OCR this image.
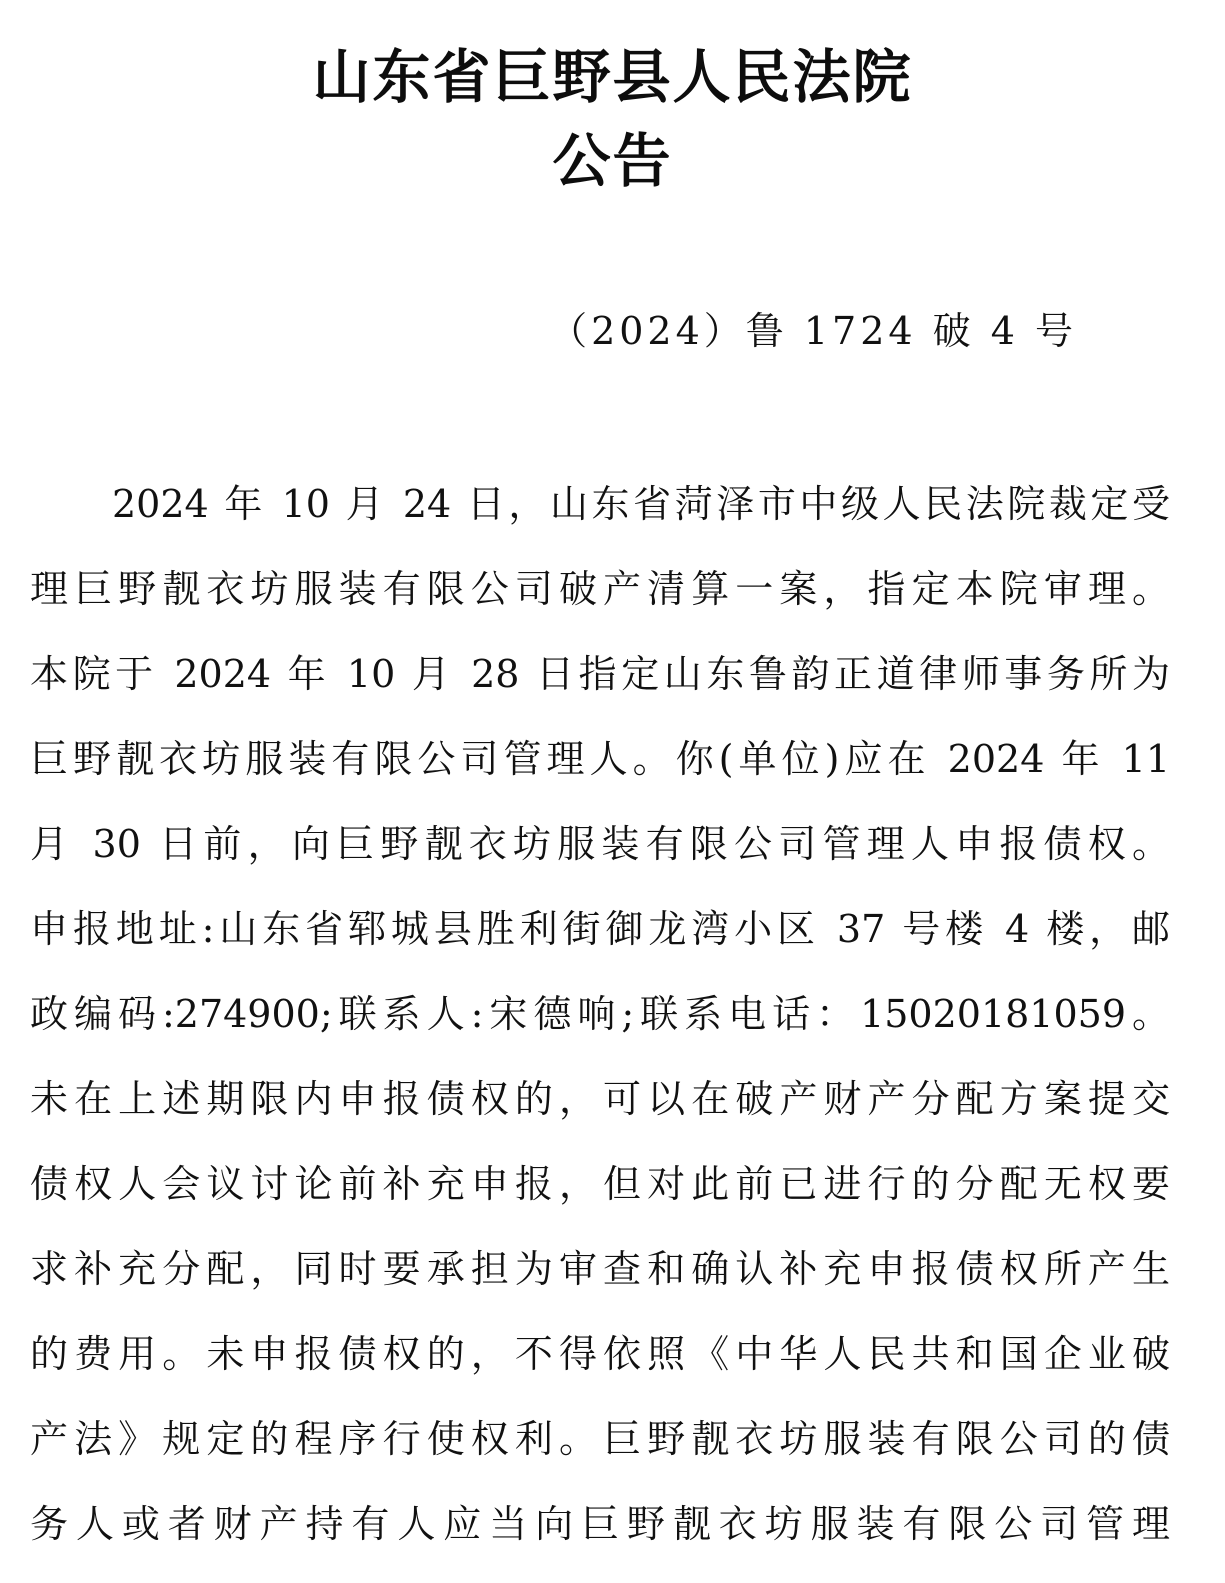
山东省巨野县人民法院
公告
（2024）鲁 1724 破 4 号
2024 年 10 月 24 日，山东省菏泽市中级人民法院裁定受
理巨野靓衣坊服装有限公司破产清算一案，指定本院审理。
本院于 2024 年 10 月 28 日指定山东鲁韵正道律师事务所为
巨野靓衣坊服装有限公司管理人。你(单位)应在 2024 年 11
月 30 日前，向巨野靓衣坊服装有限公司管理人申报债权。
申报地址:山东省郓城县胜利街御龙湾小区 37 号楼 4 楼，邮
政编码:274900;联系人:宋德响;联系电话：15020181059。
未在上述期限内申报债权的，可以在破产财产分配方案提交
债权人会议讨论前补充申报，但对此前已进行的分配无权要
求补充分配，同时要承担为审查和确认补充申报债权所产生
的费用。未申报债权的，不得依照《中华人民共和国企业破
产法》规定的程序行使权利。巨野靓衣坊服装有限公司的债
务人或者财产持有人应当向巨野靓衣坊服装有限公司管理
